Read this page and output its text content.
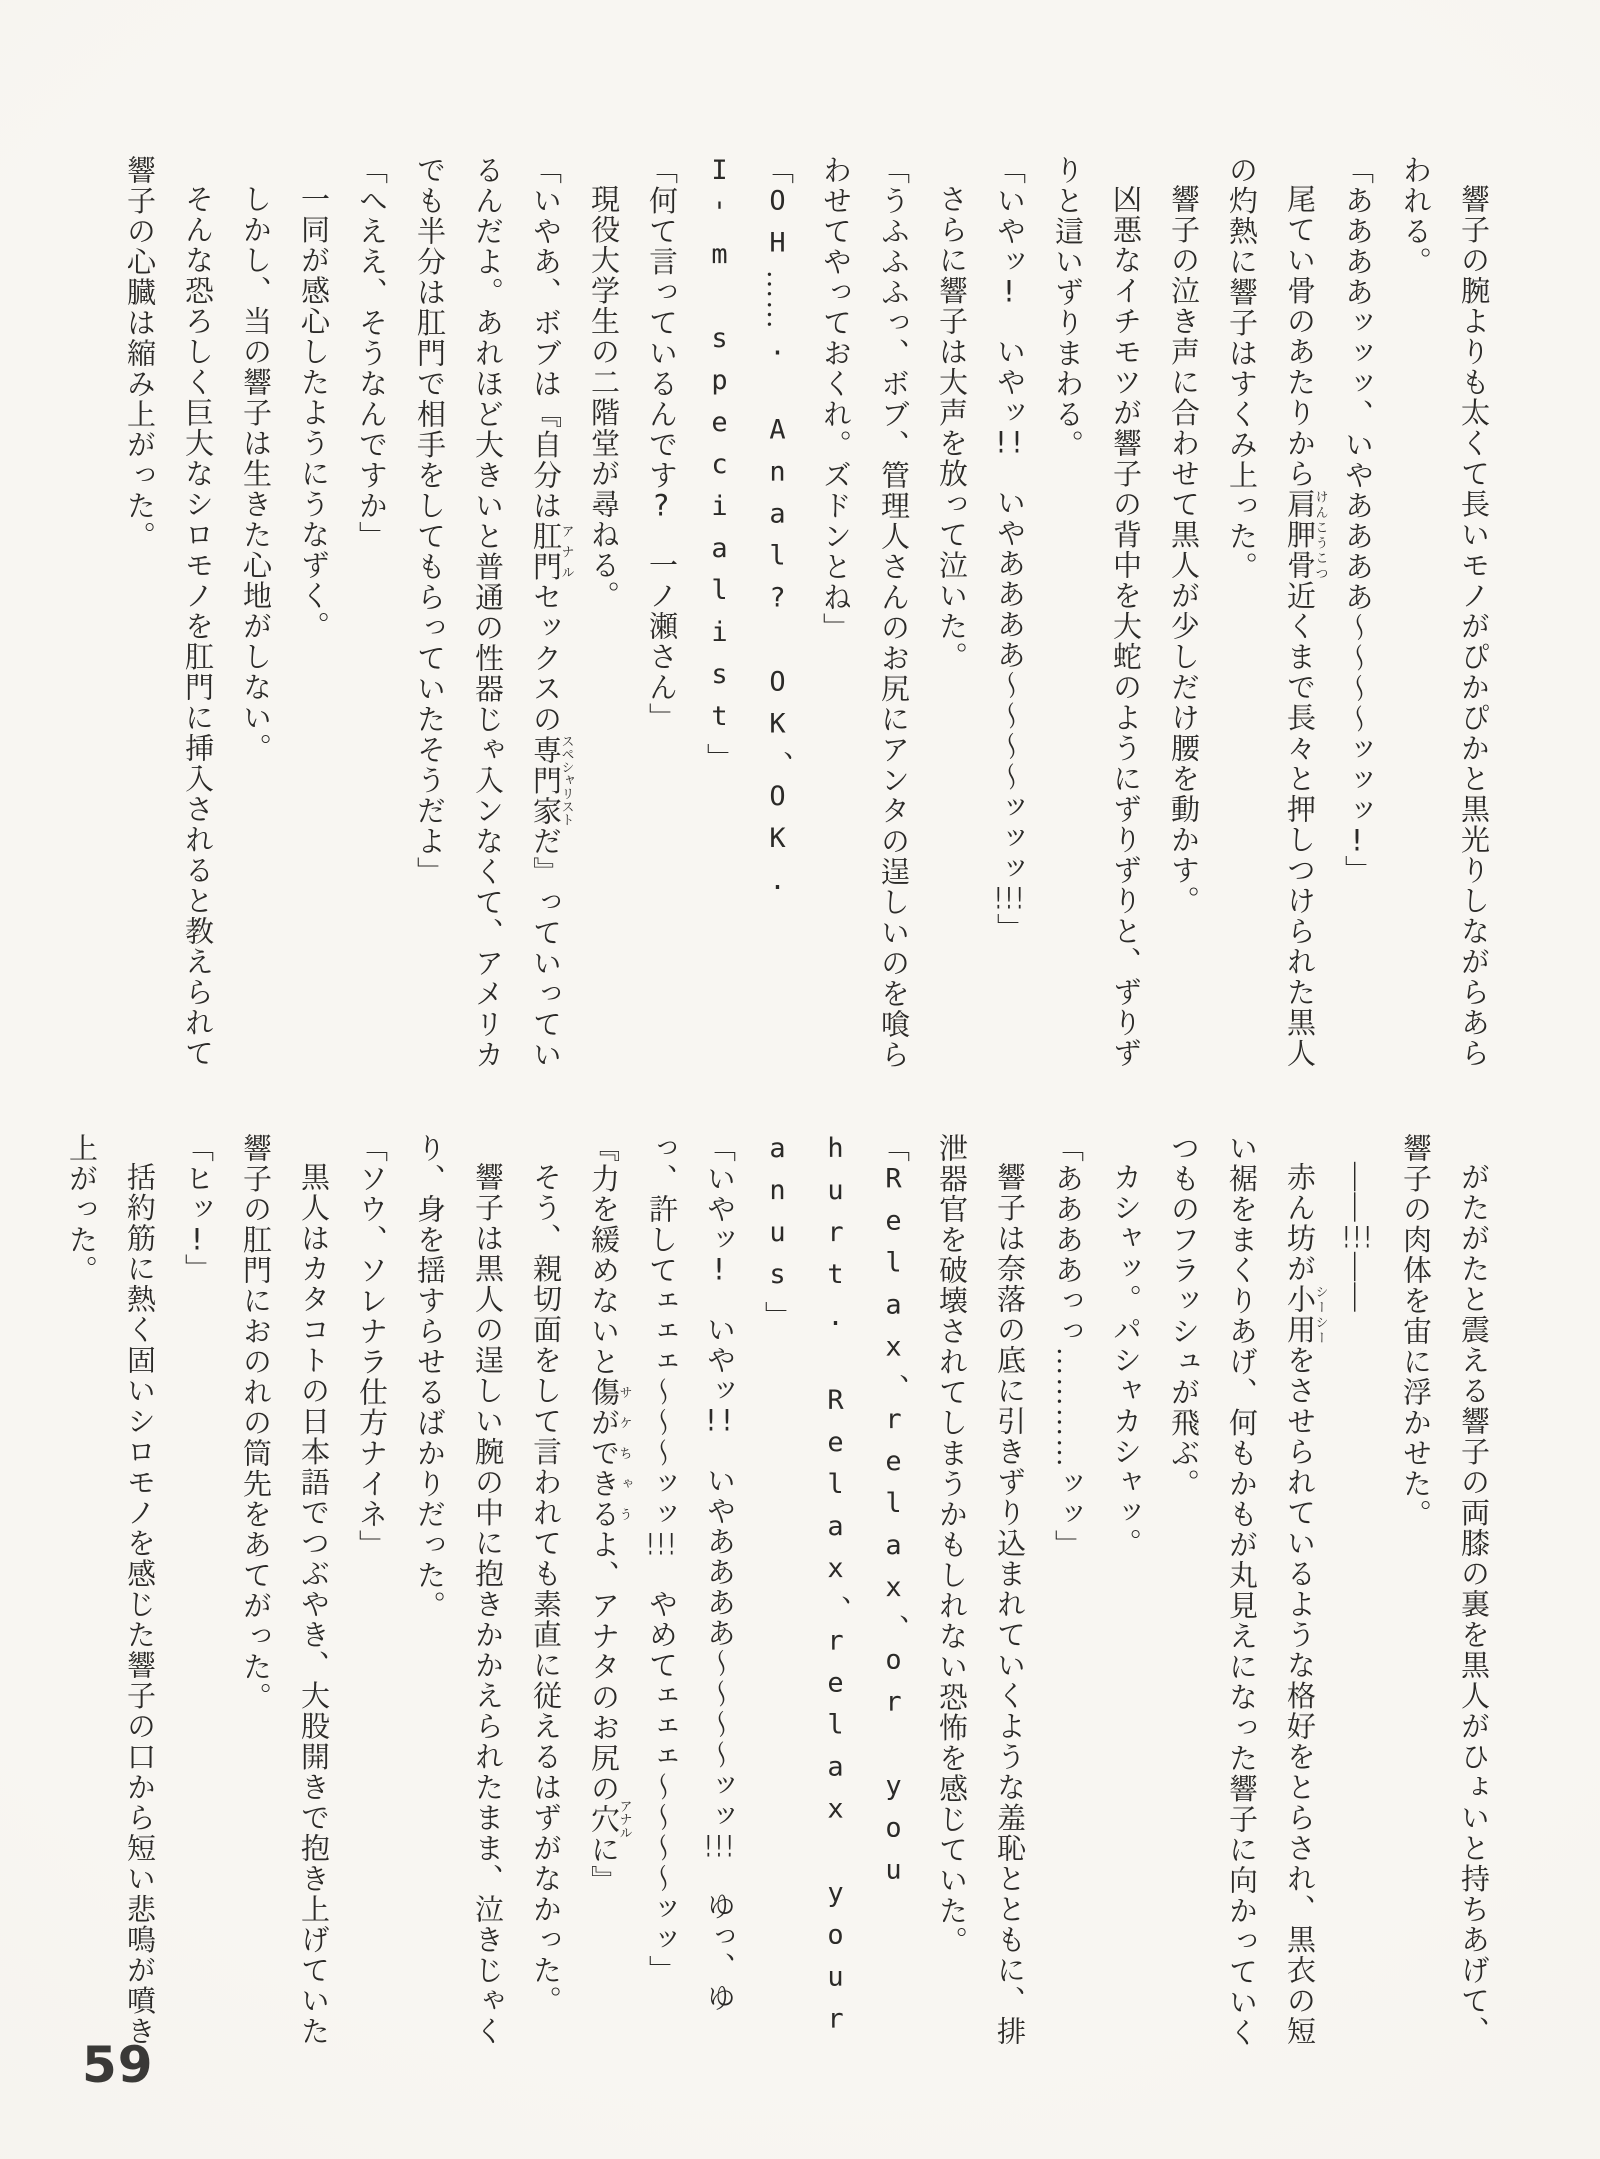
響子の腕よりも太くて長いモノがぴかぴかと黒光りしながらあらわれる。

「ああああッッッ、いやああああ〜〜〜〜ッッッ!」

尾てい骨のあたりから肩胛骨けんこうこつ近くまで長々と押しつけられた黒人の灼熱に響子はすくみ上った。

響子の泣き声に合わせて黒人が少しだけ腰を動かす。

凶悪なイチモツが響子の背中を大蛇のようにずりずりと、ずりずりと這いずりまわる。

「いやッ!　いやッ!!　いやああああ〜〜〜〜ッッッ!!!」

さらに響子は大声を放って泣いた。

「うふふふっ、ボブ、管理人さんのお尻にアンタの逞しいのを喰らわせてやっておくれ。ズドンとね」

「OH……. Anal? OK、OK. I'm specialist」

「何て言っているんです?　一ノ瀬さん」

現役大学生の二階堂が尋ねる。

「いやあ、ボブは『自分は肛門アナルセックスの専門家スペシャリストだ』っていっているんだよ。あれほど大きいと普通の性器じゃ入ンなくて、アメリカでも半分は肛門で相手をしてもらっていたそうだよ」

「へええ、そうなんですか」

一同が感心したようにうなずく。

しかし、当の響子は生きた心地がしない。

そんな恐ろしく巨大なシロモノを肛門に挿入されると教えられて響子の心臓は縮み上がった。

がたがたと震える響子の両膝の裏を黒人がひょいと持ちあげて、響子の肉体を宙に浮かせた。

――!!!――

赤ん坊が小用シーシーをさせられているような格好をとらされ、黒衣の短い裾をまくりあげ、何もかもが丸見えになった響子に向かっていくつものフラッシュが飛ぶ。

カシャッ。パシャカシャッ。

「ああああっっ…………ッッ」

響子は奈落の底に引きずり込まれていくような羞恥とともに、排泄器官を破壊されてしまうかもしれない恐怖を感じていた。

「Relax、relax、or you hurt. Relax、relax your anus」

「いやッ!　いやッ!!　いやああああ〜〜〜〜ッッ!!!　ゆっ、ゆっ、許してェェェ〜〜〜ッッ!!!　やめてェェェ〜〜〜〜ッッ」

『力を緩めないと傷ができるサケちゃうよ、アナタのお尻の穴アナルに』

そう、親切面をして言われても素直に従えるはずがなかった。

響子は黒人の逞しい腕の中に抱きかかえられたまま、泣きじゃくり、身を揺すらせるばかりだった。

「ソウ、ソレナラ仕方ナイネ」

黒人はカタコトの日本語でつぶやき、大股開きで抱き上げていた響子の肛門におのれの筒先をあてがった。

「ヒッ!」

括約筋に熱く固いシロモノを感じた響子の口から短い悲鳴が噴き上がった。

59
